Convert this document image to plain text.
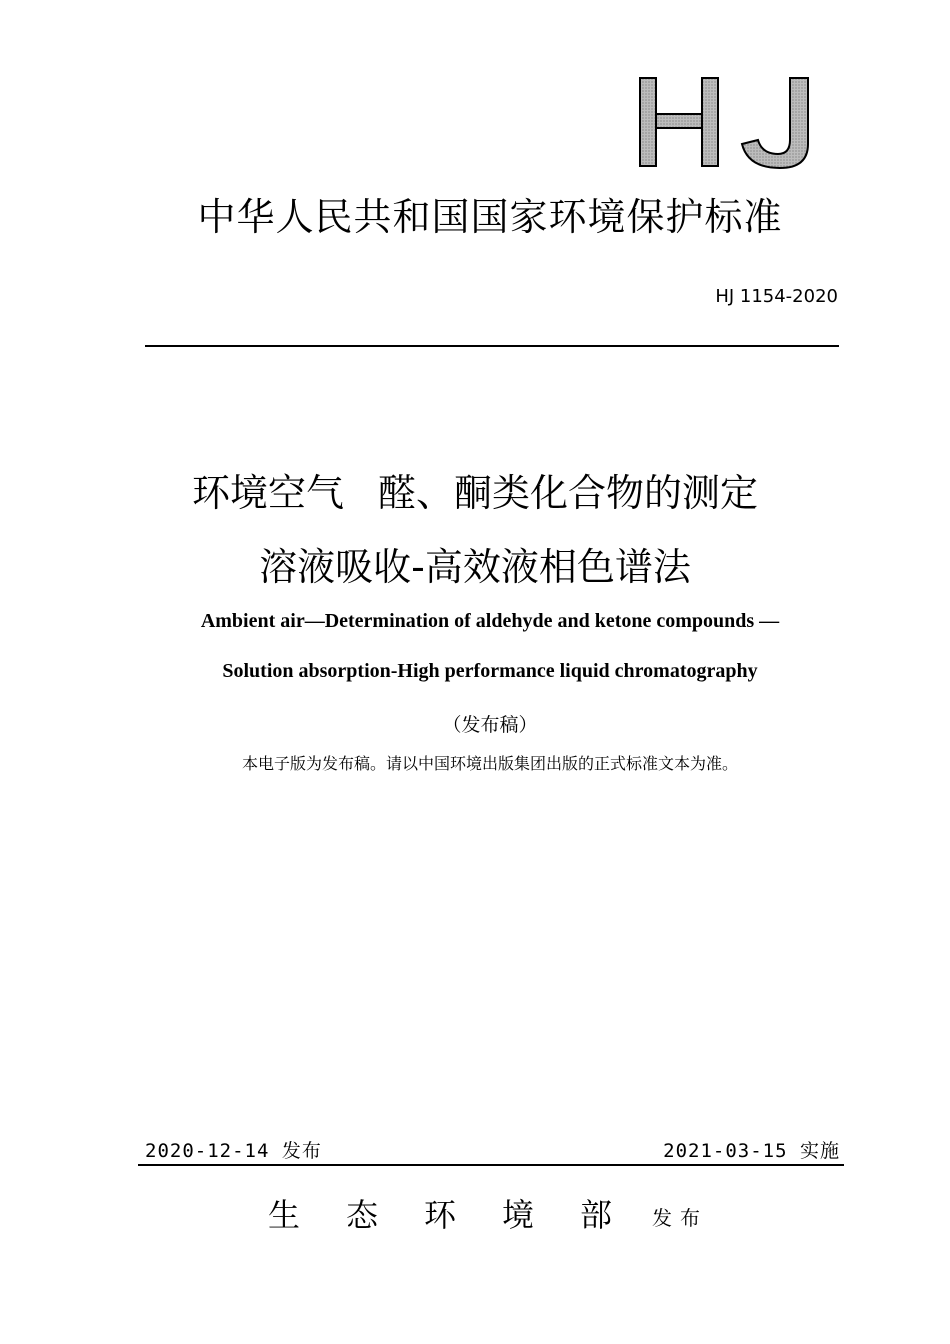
中华人民共和国国家环境保护标准
HJ 1154-2020
环境空气 醛、酮类化合物的测定
溶液吸收-高效液相色谱法
Ambient air—Determination of aldehyde and ketone compounds —
Solution absorption-High performance liquid chromatography
（发布稿）
本电子版为发布稿。请以中国环境出版集团出版的正式标准文本为准。
2020-12-14 发布	2021-03-15 实施
生态环境部
发布
